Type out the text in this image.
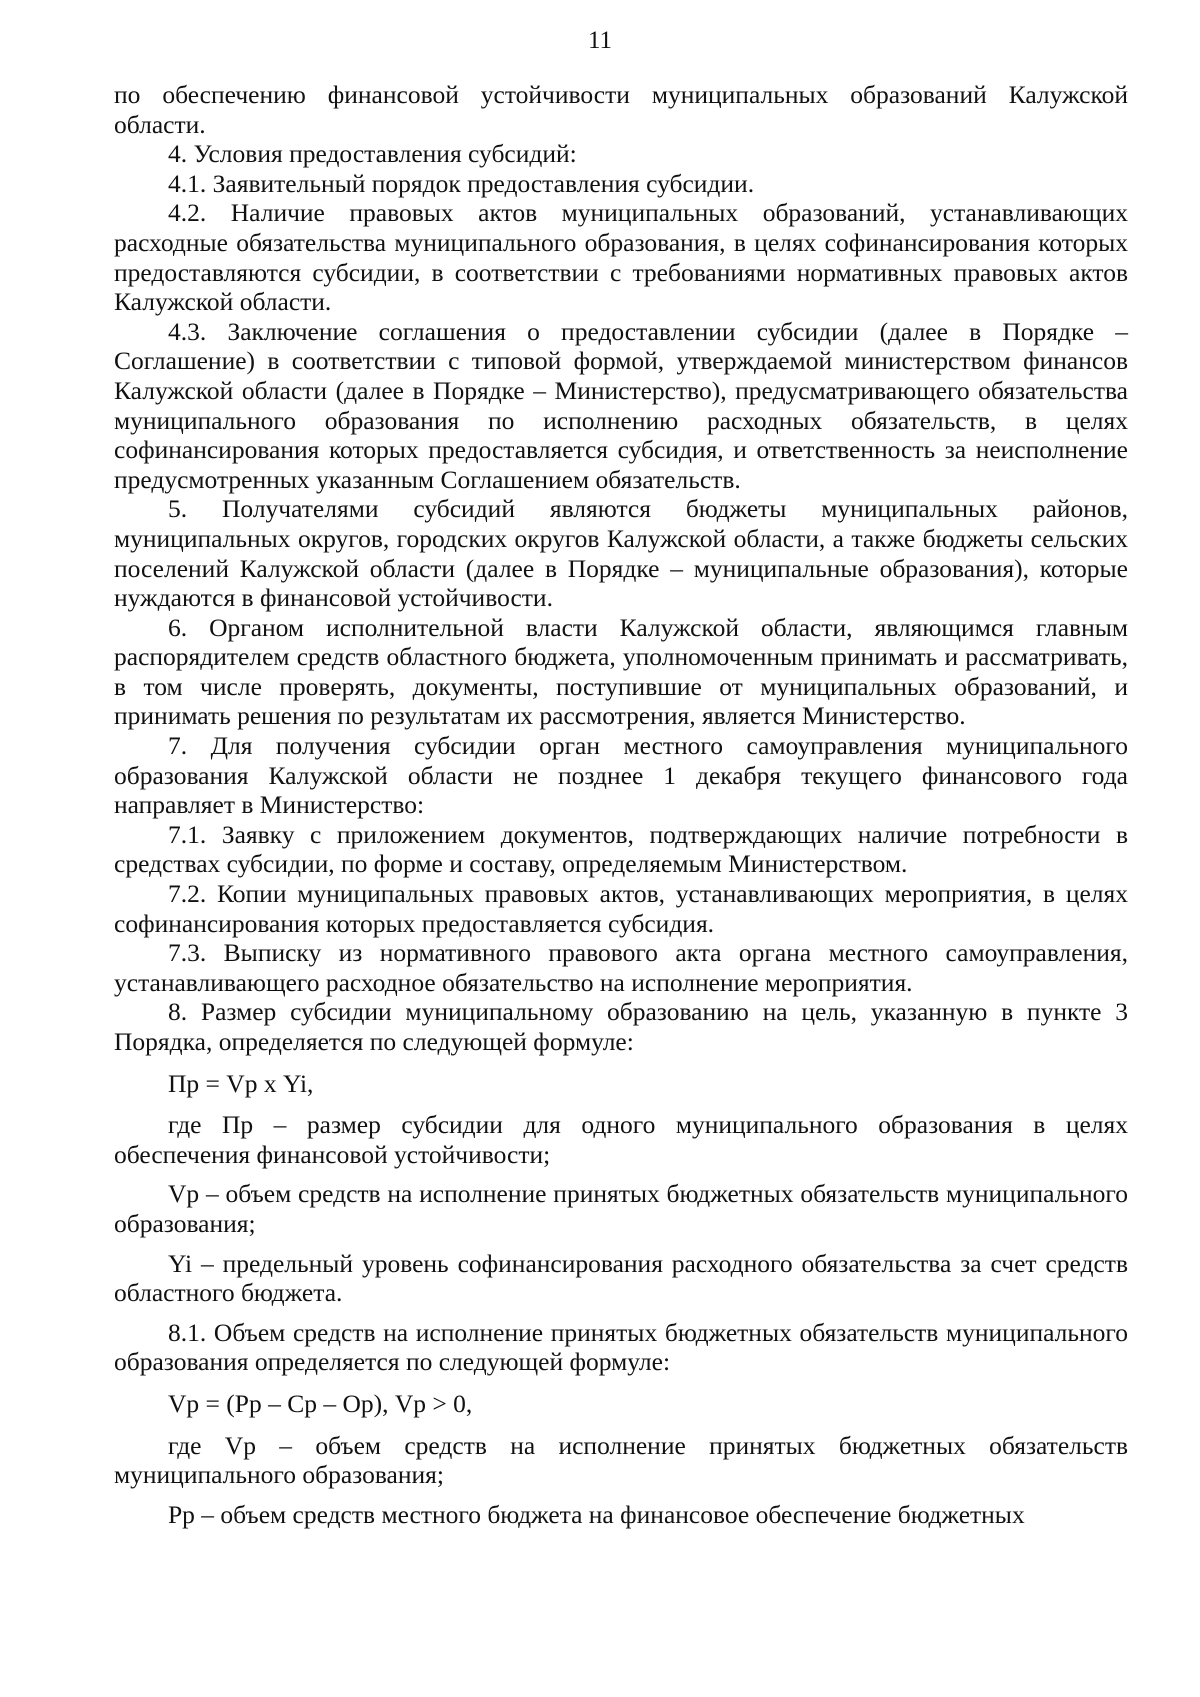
11

по обеспечению финансовой устойчивости муниципальных образований Калужской области.

4. Условия предоставления субсидий:

4.1. Заявительный порядок предоставления субсидии.

4.2. Наличие правовых актов муниципальных образований, устанавливающих расходные обязательства муниципального образования, в целях софинансирования которых предоставляются субсидии, в соответствии с требованиями нормативных правовых актов Калужской области.

4.3. Заключение соглашения о предоставлении субсидии (далее в Порядке – Соглашение) в соответствии с типовой формой, утверждаемой министерством финансов Калужской области (далее в Порядке – Министерство), предусматривающего обязательства муниципального образования по исполнению расходных обязательств, в целях софинансирования которых предоставляется субсидия, и ответственность за неисполнение предусмотренных указанным Соглашением обязательств.

5. Получателями субсидий являются бюджеты муниципальных районов, муниципальных округов, городских округов Калужской области, а также бюджеты сельских поселений Калужской области (далее в Порядке – муниципальные образования), которые нуждаются в финансовой устойчивости.

6. Органом исполнительной власти Калужской области, являющимся главным распорядителем средств областного бюджета, уполномоченным принимать и рассматривать, в том числе проверять, документы, поступившие от муниципальных образований, и принимать решения по результатам их рассмотрения, является Министерство.

7. Для получения субсидии орган местного самоуправления муниципального образования Калужской области не позднее 1 декабря текущего финансового года направляет в Министерство:

7.1. Заявку с приложением документов, подтверждающих наличие потребности в средствах субсидии, по форме и составу, определяемым Министерством.

7.2. Копии муниципальных правовых актов, устанавливающих мероприятия, в целях софинансирования которых предоставляется субсидия.

7.3. Выписку из нормативного правового акта органа местного самоуправления, устанавливающего расходное обязательство на исполнение мероприятия.

8. Размер субсидии муниципальному образованию на цель, указанную в пункте 3 Порядка, определяется по следующей формуле:

Пр = Vр х Yi,

где Пр – размер субсидии для одного муниципального образования в целях обеспечения финансовой устойчивости;

Vр – объем средств на исполнение принятых бюджетных обязательств муниципального образования;

Yi – предельный уровень софинансирования расходного обязательства за счет средств областного бюджета.

8.1. Объем средств на исполнение принятых бюджетных обязательств муниципального образования определяется по следующей формуле:

Vр = (Рр – Ср – Ор), Vр > 0,

где Vр – объем средств на исполнение принятых бюджетных обязательств муниципального образования;

Рр – объем средств местного бюджета на финансовое обеспечение бюджетных
